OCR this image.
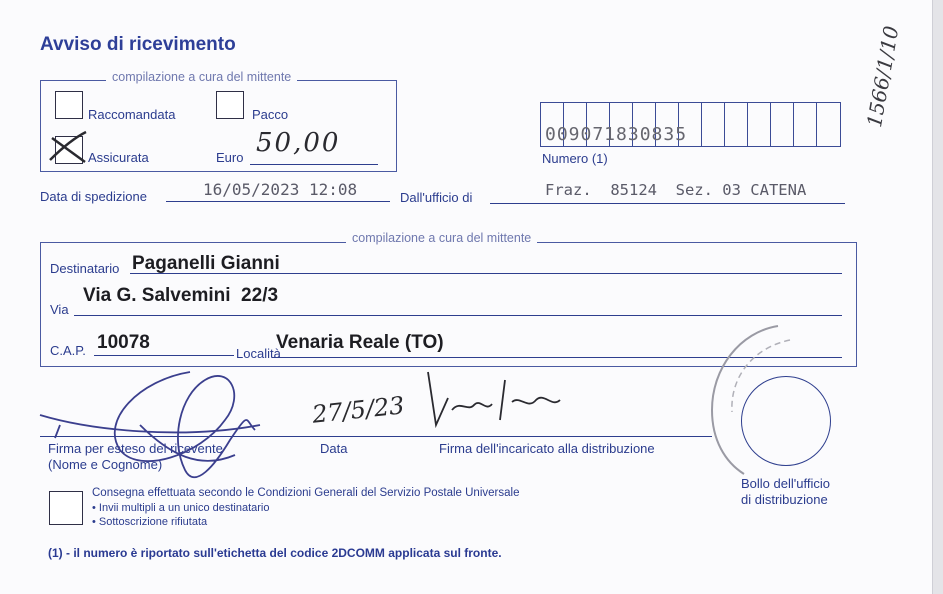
Avviso di ricevimento
compilazione a cura del mittente
Raccomandata	Pacco
Assicurata	Euro 50,00	009071830835
Numero (1)
Data di spedizione	16/05/2023 12:08	Dall'ufficio di	Fraz.  85124  Sez. 03 CATENA
compilazione a cura del mittente
Destinatario Paganelli Gianni
Via G. Salvemini  22/3
Via
C.A.P. 10078
Località
Venaria Reale (TO)
Firma per esteso del ricevente
(Nome e Cognome)
Data	Firma dell'incaricato alla distribuzione
27/5/23
Bollo dell'ufficio
di distribuzione
Consegna effettuata secondo le Condizioni Generali del Servizio Postale Universale
• Invii multipli a un unico destinatario
• Sottoscrizione rifiutata
(1) - il numero è riportato sull'etichetta del codice 2DCOMM applicata sul fronte.
1566/1/10
